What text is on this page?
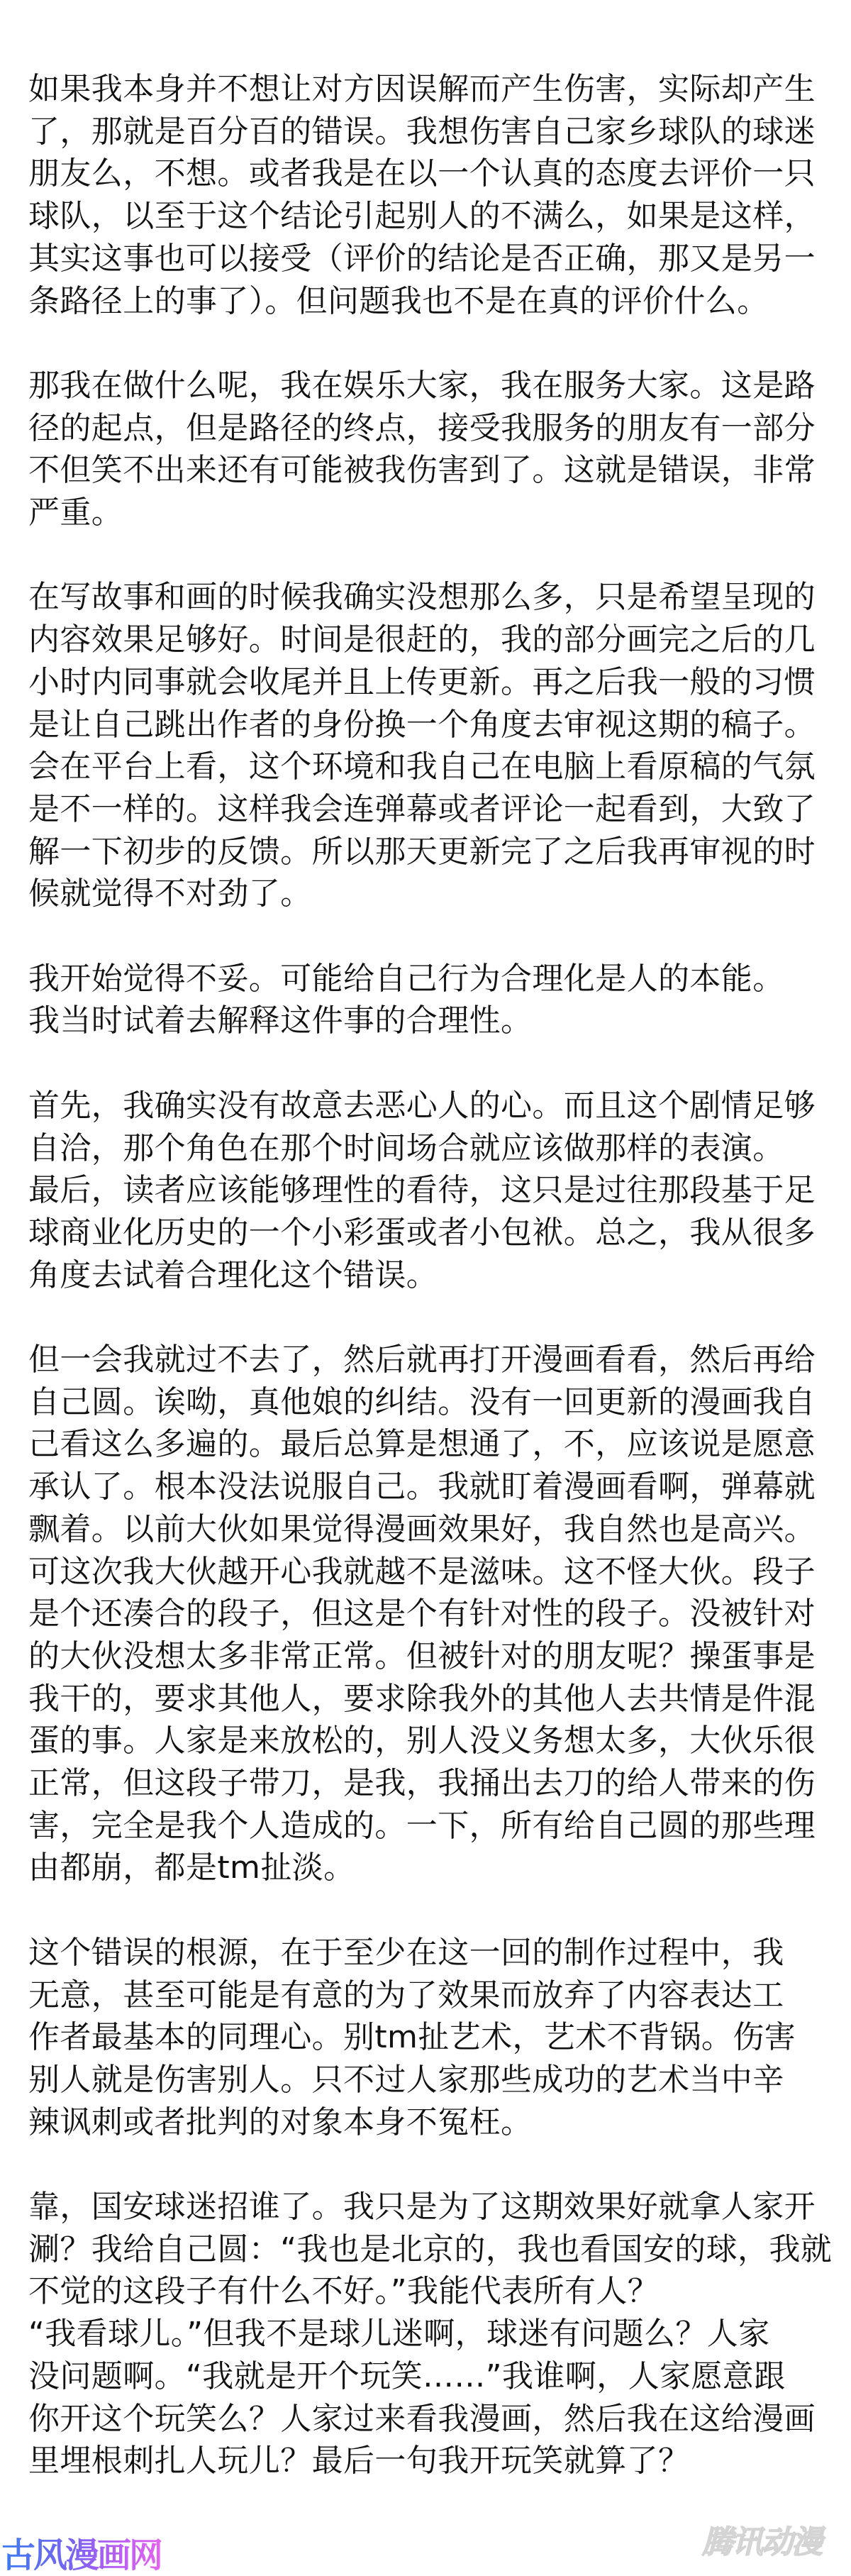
如果我本身并不想让对方因误解而产生伤害，实际却产生
了，那就是百分百的错误。我想伤害自己家乡球队的球迷
朋友么，不想。或者我是在以一个认真的态度去评价一只
球队，以至于这个结论引起别人的不满么，如果是这样，
其实这事也可以接受（评价的结论是否正确，那又是另一
条路径上的事了）。但问题我也不是在真的评价什么。
那我在做什么呢，我在娱乐大家，我在服务大家。这是路
径的起点，但是路径的终点，接受我服务的朋友有一部分
不但笑不出来还有可能被我伤害到了。这就是错误，非常
严重。
在写故事和画的时候我确实没想那么多，只是希望呈现的
内容效果足够好。时间是很赶的，我的部分画完之后的几
小时内同事就会收尾并且上传更新。再之后我一般的习惯
是让自己跳出作者的身份换一个角度去审视这期的稿子。
会在平台上看，这个环境和我自己在电脑上看原稿的气氛
是不一样的。这样我会连弹幕或者评论一起看到，大致了
解一下初步的反馈。所以那天更新完了之后我再审视的时
候就觉得不对劲了。
我开始觉得不妥。可能给自己行为合理化是人的本能。
我当时试着去解释这件事的合理性。
首先，我确实没有故意去恶心人的心。而且这个剧情足够
自洽，那个角色在那个时间场合就应该做那样的表演。
最后，读者应该能够理性的看待，这只是过往那段基于足
球商业化历史的一个小彩蛋或者小包袱。总之，我从很多
角度去试着合理化这个错误。
但一会我就过不去了，然后就再打开漫画看看，然后再给
自己圆。诶呦，真他娘的纠结。没有一回更新的漫画我自
己看这么多遍的。最后总算是想通了，不，应该说是愿意
承认了。根本没法说服自己。我就盯着漫画看啊，弹幕就
飘着。以前大伙如果觉得漫画效果好，我自然也是高兴。
可这次我大伙越开心我就越不是滋味。这不怪大伙。段子
是个还凑合的段子，但这是个有针对性的段子。没被针对
的大伙没想太多非常正常。但被针对的朋友呢？操蛋事是
我干的，要求其他人，要求除我外的其他人去共情是件混
蛋的事。人家是来放松的，别人没义务想太多，大伙乐很
正常，但这段子带刀，是我，我捅出去刀的给人带来的伤
害，完全是我个人造成的。一下，所有给自己圆的那些理
由都崩，都是tm扯淡。
这个错误的根源，在于至少在这一回的制作过程中，我
无意，甚至可能是有意的为了效果而放弃了内容表达工
作者最基本的同理心。别tm扯艺术，艺术不背锅。伤害
别人就是伤害别人。只不过人家那些成功的艺术当中辛
辣讽刺或者批判的对象本身不冤枉。
靠，国安球迷招谁了。我只是为了这期效果好就拿人家开
涮？我给自己圆：“我也是北京的，我也看国安的球，我就
不觉的这段子有什么不好。”我能代表所有人？
“我看球儿。”但我不是球儿迷啊，球迷有问题么？人家
没问题啊。“我就是开个玩笑……”我谁啊，人家愿意跟
你开这个玩笑么？人家过来看我漫画，然后我在这给漫画
里埋根刺扎人玩儿？最后一句我开玩笑就算了？
古风漫画网	腾讯动漫
